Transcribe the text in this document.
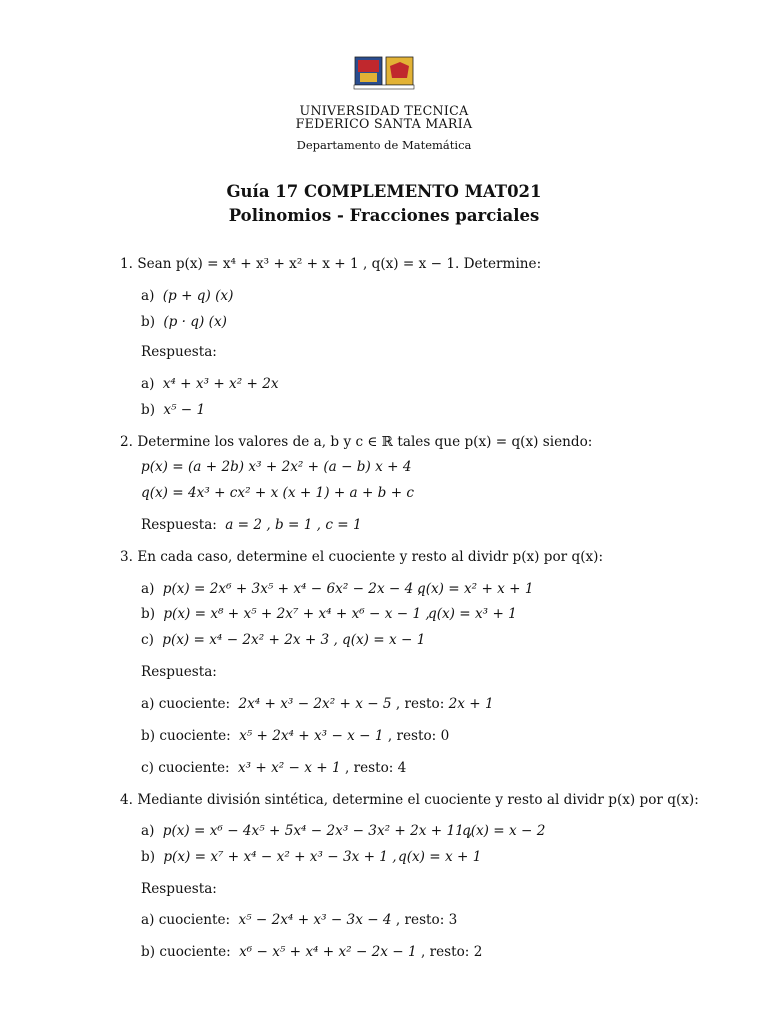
UNIVERSIDAD TECNICA
FEDERICO SANTA MARIA
Departamento de Matemática
Guía 17 COMPLEMENTO MAT021
Polinomios - Fracciones parciales
1. Sean p(x) = x⁴ + x³ + x² + x + 1 , q(x) = x − 1. Determine:
a) (p + q) (x)
b) (p · q) (x)
Respuesta:
a) x⁴ + x³ + x² + 2x
b) x⁵ − 1
2. Determine los valores de a, b y c ∈ ℝ tales que p(x) = q(x) siendo:
p(x) = (a + 2b) x³ + 2x² + (a − b) x + 4
q(x) = 4x³ + cx² + x (x + 1) + a + b + c
Respuesta: a = 2 , b = 1 , c = 1
3. En cada caso, determine el cuociente y resto al dividr p(x) por q(x):
a) p(x) = 2x⁶ + 3x⁵ + x⁴ − 6x² − 2x − 4 ,
q(x) = x² + x + 1
b) p(x) = x⁸ + x⁵ + 2x⁷ + x⁴ + x⁶ − x − 1 ,
q(x) = x³ + 1
c) p(x) = x⁴ − 2x² + 2x + 3 , q(x) = x − 1
Respuesta:
a) cuociente: 2x⁴ + x³ − 2x² + x − 5 , resto: 2x + 1
b) cuociente: x⁵ + 2x⁴ + x³ − x − 1 , resto: 0
c) cuociente: x³ + x² − x + 1 , resto: 4
4. Mediante división sintética, determine el cuociente y resto al dividr p(x) por q(x):
a) p(x) = x⁶ − 4x⁵ + 5x⁴ − 2x³ − 3x² + 2x + 11 ,
q(x) = x − 2
b) p(x) = x⁷ + x⁴ − x² + x³ − 3x + 1 , q(x) = x + 1
Respuesta:
a) cuociente: x⁵ − 2x⁴ + x³ − 3x − 4 , resto: 3
b) cuociente: x⁶ − x⁵ + x⁴ + x² − 2x − 1 , resto: 2
